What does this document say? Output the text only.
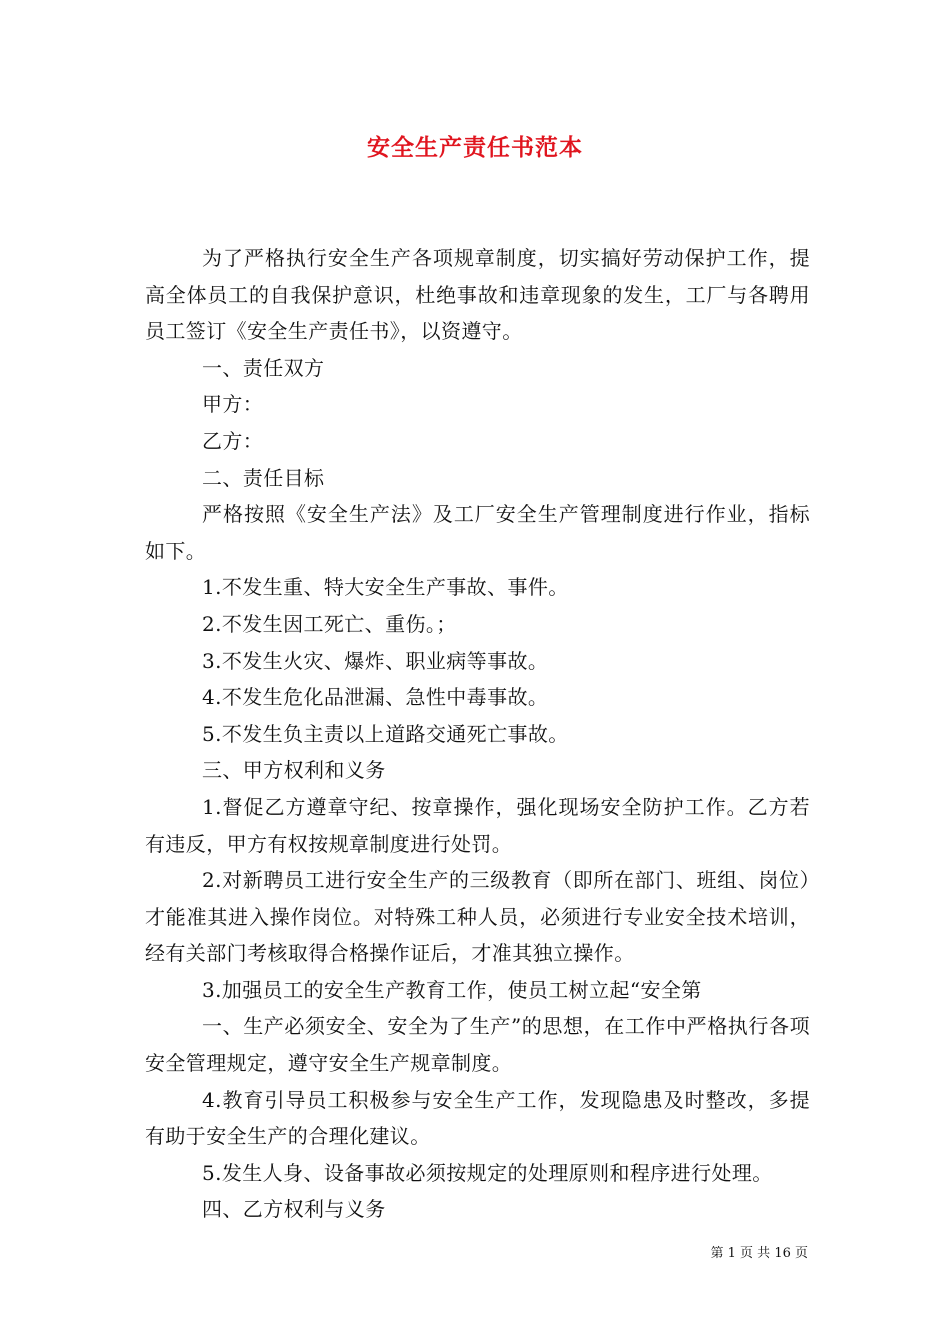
安全生产责任书范本

为了严格执行安全生产各项规章制度，切实搞好劳动保护工作，提高全体员工的自我保护意识，杜绝事故和违章现象的发生，工厂与各聘用员工签订《安全生产责任书》，以资遵守。

一、责任双方

甲方：

乙方：

二、责任目标

严格按照《安全生产法》及工厂安全生产管理制度进行作业，指标如下。

1.不发生重、特大安全生产事故、事件。

2.不发生因工死亡、重伤。；

3.不发生火灾、爆炸、职业病等事故。

4.不发生危化品泄漏、急性中毒事故。

5.不发生负主责以上道路交通死亡事故。

三、甲方权利和义务

1.督促乙方遵章守纪、按章操作，强化现场安全防护工作。乙方若有违反，甲方有权按规章制度进行处罚。

2.对新聘员工进行安全生产的三级教育（即所在部门、班组、岗位）才能准其进入操作岗位。对特殊工种人员，必须进行专业安全技术培训，经有关部门考核取得合格操作证后，才准其独立操作。

3.加强员工的安全生产教育工作，使员工树立起“安全第

一、生产必须安全、安全为了生产”的思想，在工作中严格执行各项安全管理规定，遵守安全生产规章制度。

4.教育引导员工积极参与安全生产工作，发现隐患及时整改，多提有助于安全生产的合理化建议。

5.发生人身、设备事故必须按规定的处理原则和程序进行处理。

四、乙方权利与义务

第 1 页 共 16 页
